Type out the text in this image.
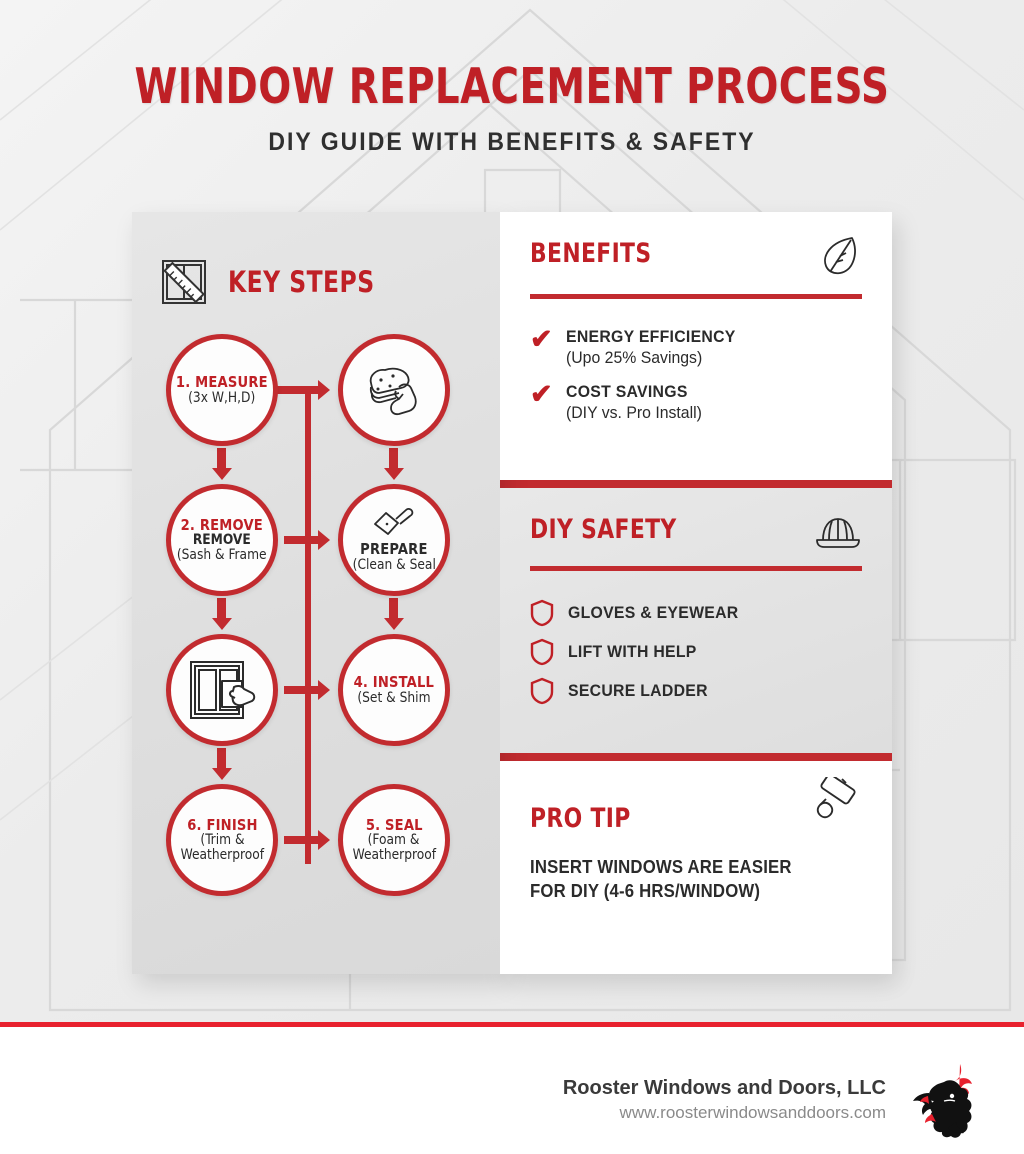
WINDOW REPLACEMENT PROCESS
DIY GUIDE WITH BENEFITS & SAFETY
KEY STEPS
1. MEASURE
(3x W,H,D)
2. REMOVE
REMOVE
(Sash & Frame	PREPARE
(Clean & Seal
4. INSTALL
(Set & Shim
6. FINISH
(Trim &
Weatherproof
5. SEAL
(Foam &
Weatherproof
BENEFITS
✔ ENERGY EFFICIENCY
(Upo 25% Savings)
✔ COST SAVINGS
(DIY vs. Pro Install)
DIY SAFETY
GLOVES & EYEWEAR
LIFT WITH HELP
SECURE LADDER
PRO TIP
INSERT WINDOWS ARE EASIER
FOR DIY (4-6 HRS/WINDOW)
Rooster Windows and Doors, LLC
www.roosterwindowsanddoors.com
